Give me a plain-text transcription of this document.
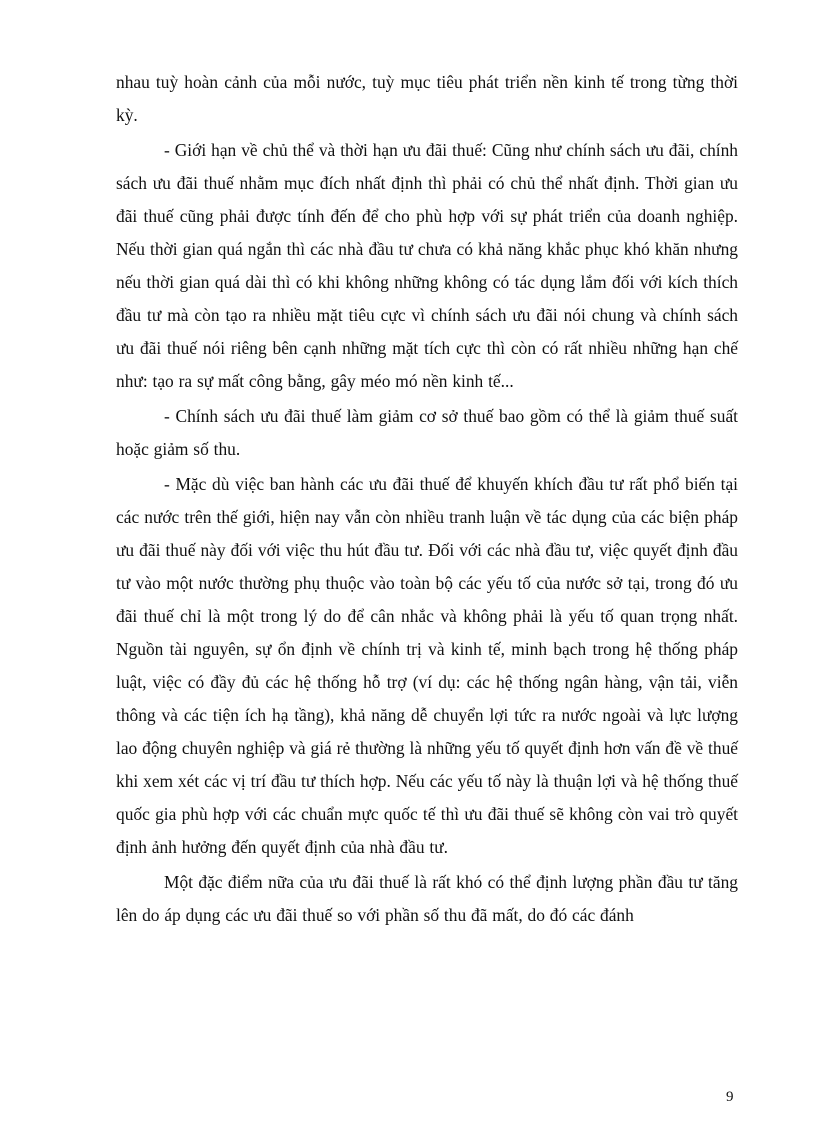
nhau tuỳ hoàn cảnh của mỗi nước, tuỳ mục tiêu phát triển nền kinh tế trong từng thời kỳ.

- Giới hạn về chủ thể và thời hạn ưu đãi thuế: Cũng như chính sách ưu đãi, chính sách ưu đãi thuế nhằm mục đích nhất định thì phải có chủ thể nhất định. Thời gian ưu đãi thuế cũng phải được tính đến để cho phù hợp với sự phát triển của doanh nghiệp. Nếu thời gian quá ngắn thì các nhà đầu tư chưa có khả năng khắc phục khó khăn nhưng nếu thời gian quá dài thì có khi không những không có tác dụng lắm đối với kích thích đầu tư mà còn tạo ra nhiều mặt tiêu cực vì chính sách ưu đãi nói chung và chính sách ưu đãi thuế nói riêng bên cạnh những mặt tích cực thì còn có rất nhiều những hạn chế như: tạo ra sự mất công bằng, gây méo mó nền kinh tế...

- Chính sách ưu đãi thuế làm giảm cơ sở thuế bao gồm có thể là giảm thuế suất hoặc giảm số thu.

- Mặc dù việc ban hành các ưu đãi thuế để khuyến khích đầu tư rất phổ biến tại các nước trên thế giới, hiện nay vẫn còn nhiều tranh luận về tác dụng của các biện pháp ưu đãi thuế này đối với việc thu hút đầu tư. Đối với các nhà đầu tư, việc quyết định đầu tư vào một nước thường phụ thuộc vào toàn bộ các yếu tố của nước sở tại, trong đó ưu đãi thuế chỉ là một trong lý do để cân nhắc và không phải là yếu tố quan trọng nhất. Nguồn tài nguyên, sự ổn định về chính trị và kinh tế, minh bạch trong hệ thống pháp luật, việc có đầy đủ các hệ thống hỗ trợ (ví dụ: các hệ thống ngân hàng, vận tải, viễn thông và các tiện ích hạ tầng), khả năng dễ chuyển lợi tức ra nước ngoài và lực lượng lao động chuyên nghiệp và giá rẻ thường là những yếu tố quyết định hơn vấn đề về thuế khi xem xét các vị trí đầu tư thích hợp. Nếu các yếu tố này là thuận lợi và hệ thống thuế quốc gia phù hợp với các chuẩn mực quốc tế thì ưu đãi thuế sẽ không còn vai trò quyết định ảnh hưởng đến quyết định của nhà đầu tư.

Một đặc điểm nữa của ưu đãi thuế là rất khó có thể định lượng phần đầu tư tăng lên do áp dụng các ưu đãi thuế so với phần số thu đã mất, do đó các đánh

9
